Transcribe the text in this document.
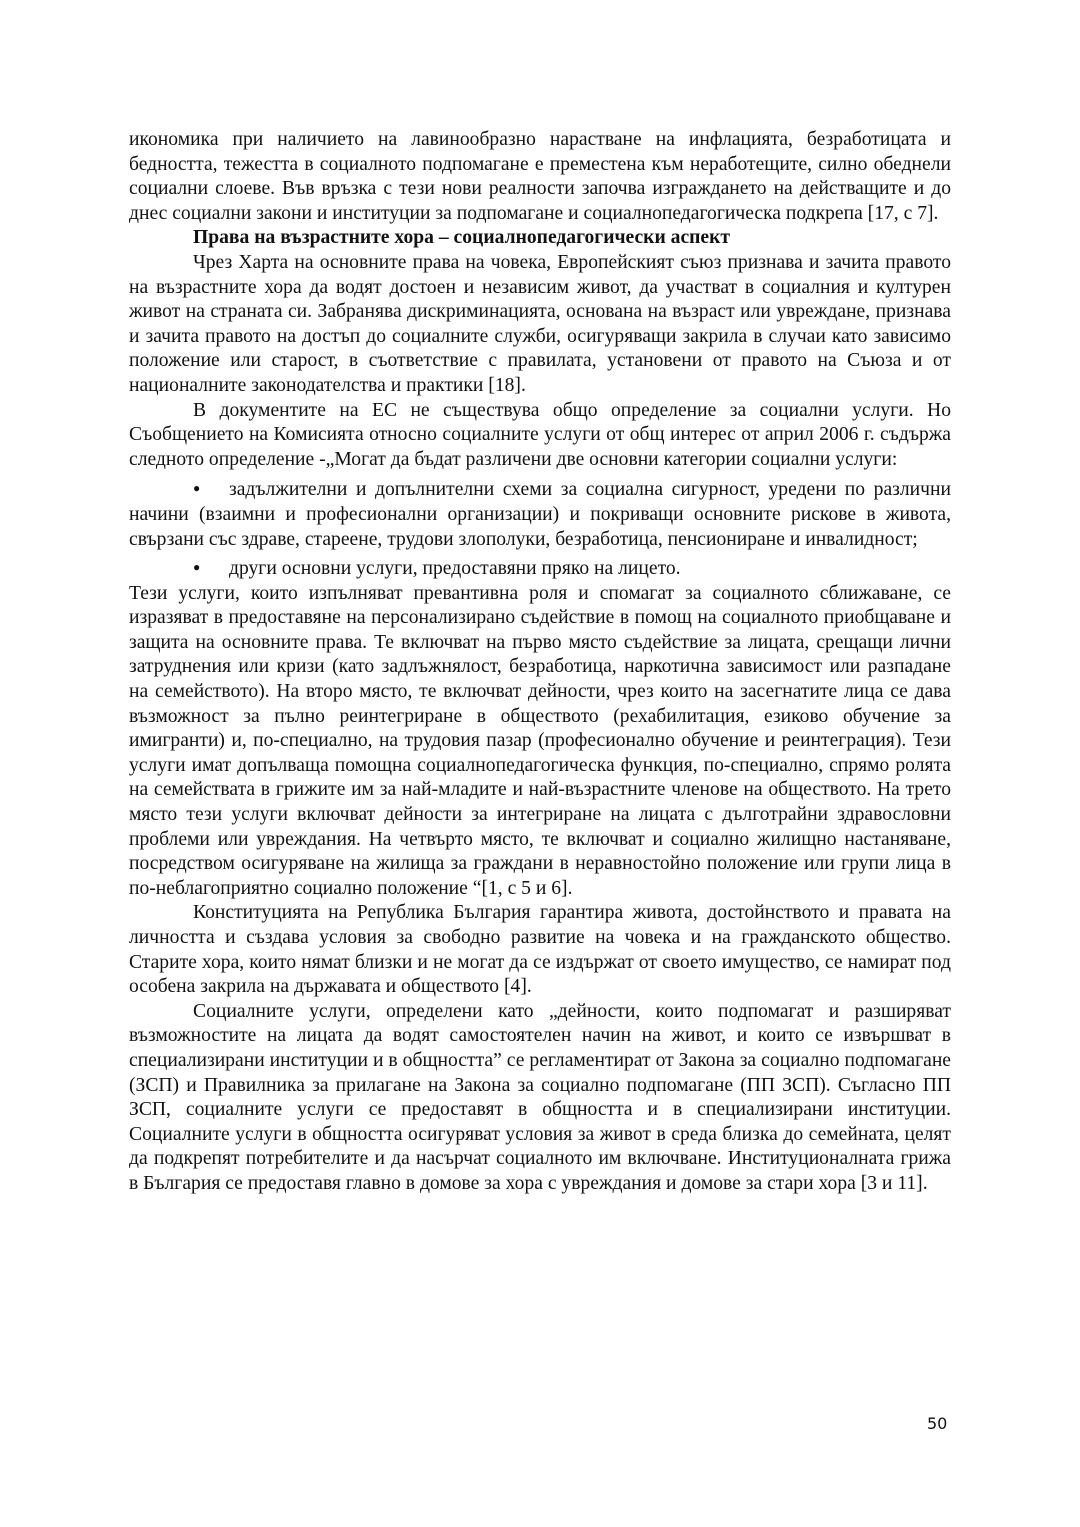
икономика при наличието на лавинообразно нарастване на инфлацията, безработицата и бедността, тежестта в социалното подпомагане е преместена към неработещите, силно обеднели социални слоеве. Във връзка с тези нови реалности започва изграждането на действащите и до днес социални закони и институции за подпомагане и социалнопедагогическа подкрепа [17, с 7].

Права на възрастните хора – социалнопедагогически аспект

Чрез Харта на основните права на човека, Европейският съюз признава и зачита правото на възрастните хора да водят достоен и независим живот, да участват в социалния и културен живот на страната си. Забранява дискриминацията, основана на възраст или увреждане, признава и зачита правото на достъп до социалните служби, осигуряващи закрила в случаи като зависимо положение или старост, в съответствие с правилата, установени от правото на Съюза и от националните законодателства и практики [18].

В документите на ЕС не съществува общо определение за социални услуги. Но Съобщението на Комисията относно социалните услуги от общ интерес от април 2006 г. съдържа следното определение -„Могат да бъдат различени две основни категории социални услуги:

● задължителни и допълнителни схеми за социална сигурност, уредени по различни начини (взаимни и професионални организации) и покриващи основните рискове в живота, свързани със здраве, стареене, трудови злополуки, безработица, пенсиониране и инвалидност;
● други основни услуги, предоставяни пряко на лицето.

Тези услуги, които изпълняват превантивна роля и спомагат за социалното сближаване, се изразяват в предоставяне на персонализирано съдействие в помощ на социалното приобщаване и защита на основните права. Те включват на първо място съдействие за лицата, срещащи лични затруднения или кризи (като задлъжнялост, безработица, наркотична зависимост или разпадане на семейството). На второ място, те включват дейности, чрез които на засегнатите лица се дава възможност за пълно реинтегриране в обществото (рехабилитация, езиково обучение за имигранти) и, по-специално, на трудовия пазар (професионално обучение и реинтеграция). Тези услуги имат допълваща помощна социалнопедагогическа функция, по-специално, спрямо ролята на семействата в грижите им за най-младите и най-възрастните членове на обществото. На трето място тези услуги включват дейности за интегриране на лицата с дълготрайни здравословни проблеми или увреждания. На четвърто място, те включват и социално жилищно настаняване, посредством осигуряване на жилища за граждани в неравностойно положение или групи лица в по-неблагоприятно социално положение “[1, с 5 и 6].

Конституцията на Република България гарантира живота, достойнството и правата на личността и създава условия за свободно развитие на човека и на гражданското общество. Старите хора, които нямат близки и не могат да се издържат от своето имущество, се намират под особена закрила на държавата и обществото [4].

Социалните услуги, определени като „дейности, които подпомагат и разширяват възможностите на лицата да водят самостоятелен начин на живот, и които се извършват в специализирани институции и в общността” се регламентират от Закона за социално подпомагане (ЗСП) и Правилника за прилагане на Закона за социално подпомагане (ПП ЗСП). Съгласно ПП ЗСП, социалните услуги се предоставят в общността и в специализирани институции. Социалните услуги в общността осигуряват условия за живот в среда близка до семейната, целят да подкрепят потребителите и да насърчат социалното им включване. Институционалната грижа в България се предоставя главно в домове за хора с увреждания и домове за стари хора [3 и 11].

50
